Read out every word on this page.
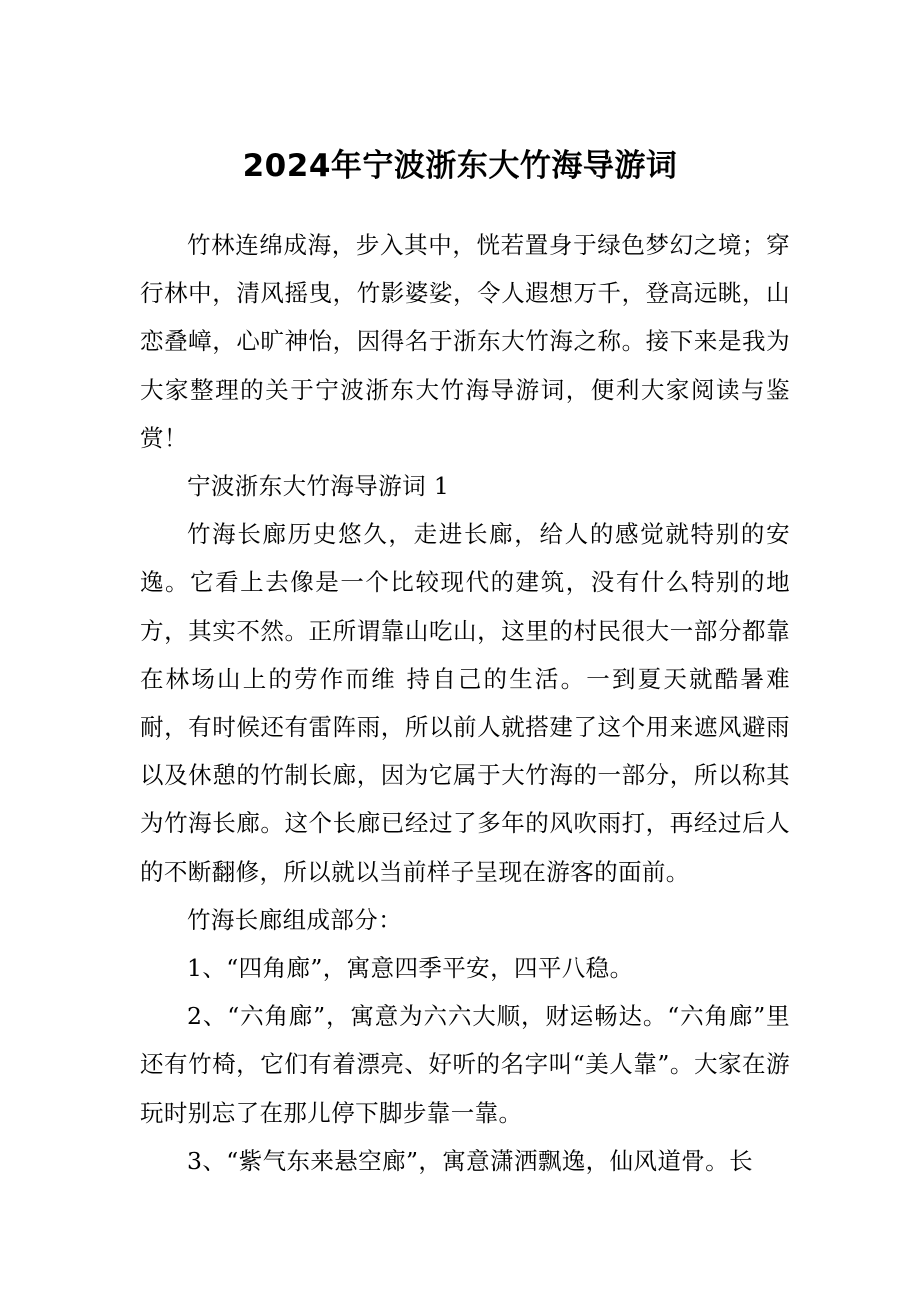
2024年宁波浙东大竹海导游词

竹林连绵成海，步入其中，恍若置身于绿色梦幻之境；穿行林中，清风摇曳，竹影婆娑，令人遐想万千，登高远眺，山恋叠嶂，心旷神怡，因得名于浙东大竹海之称。接下来是我为大家整理的关于宁波浙东大竹海导游词，便利大家阅读与鉴赏！

宁波浙东大竹海导游词 1

竹海长廊历史悠久，走进长廊，给人的感觉就特别的安逸。它看上去像是一个比较现代的建筑，没有什么特别的地方，其实不然。正所谓靠山吃山，这里的村民很大一部分都靠在林场山上的劳作而维 持自己的生活。一到夏天就酷暑难耐，有时候还有雷阵雨，所以前人就搭建了这个用来遮风避雨以及休憩的竹制长廊，因为它属于大竹海的一部分，所以称其为竹海长廊。这个长廊已经过了多年的风吹雨打，再经过后人的不断翻修，所以就以当前样子呈现在游客的面前。

竹海长廊组成部分：

1、“四角廊”，寓意四季平安，四平八稳。

2、“六角廊”，寓意为六六大顺，财运畅达。“六角廊”里还有竹椅，它们有着漂亮、好听的名字叫“美人靠”。大家在游玩时别忘了在那儿停下脚步靠一靠。

3、“紫气东来悬空廊”，寓意潇洒飘逸，仙风道骨。长
